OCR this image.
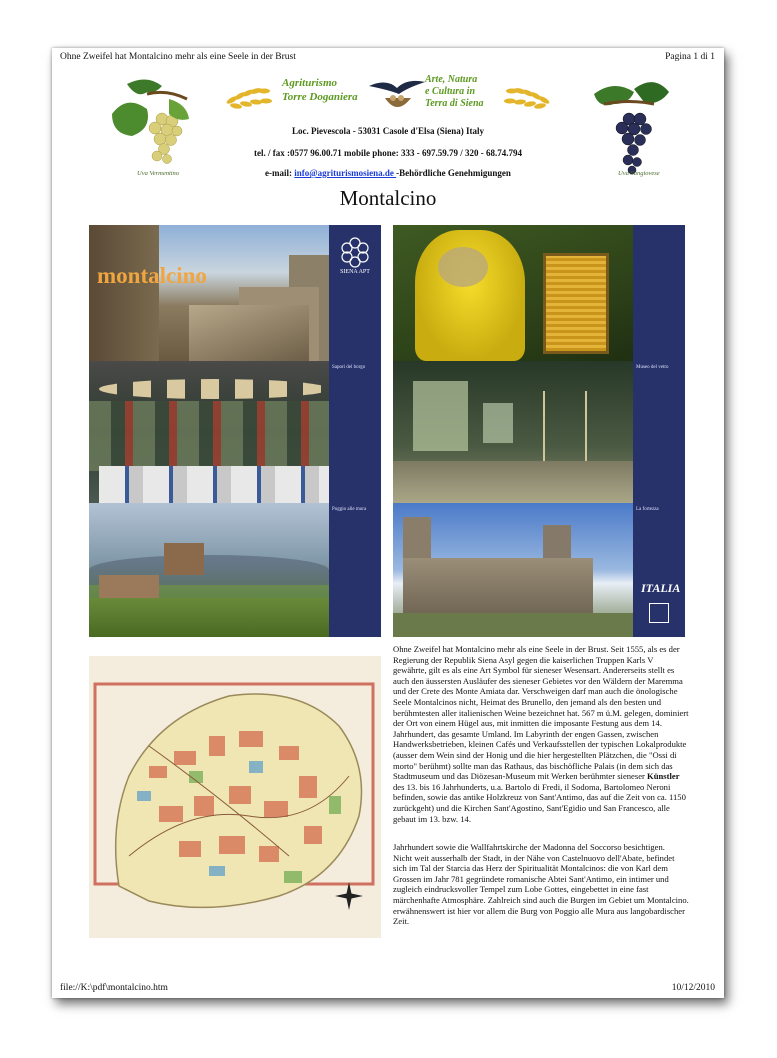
Ohne Zweifel hat Montalcino mehr als eine Seele in der Brust	Pagina 1 di 1
Uva Vermentino	Uva Sangiovese
Agriturismo
Torre Doganiera
Arte, Natura
e Cultura in
Terra di Siena
Loc. Pievescola - 53031 Casole d'Elsa (Siena) Italy
tel. / fax :0577 96.00.71 mobile phone: 333 - 697.59.79 / 320 - 68.74.794
e-mail: info@agriturismosiena.de -Behördliche Genehmigungen
Montalcino
montalcino	SIENA APT
Sapori del borgo	Museo del vetro
Poggio alle mura	La fortezza
ITALIA

Ohne Zweifel hat Montalcino mehr als eine Seele in der Brust. Seit 1555, als es der Regierung der Republik Siena Asyl gegen die kaiserlichen Truppen Karls V gewährte, gilt es als eine Art Symbol für sieneser Wesensart. Andererseits stellt es auch den äussersten Ausläufer des sieneser Gebietes vor den Wäldern der Maremma und der Crete des Monte Amiata dar. Verschweigen darf man auch die önologische Seele Montalcinos nicht, Heimat des Brunello, den jemand als den besten und berühmtesten aller italienischen Weine bezeichnet hat. 567 m ü.M. gelegen, dominiert der Ort von einem Hügel aus, mit inmitten die imposante Festung aus dem 14. Jahrhundert, das gesamte Umland. Im Labyrinth der engen Gassen, zwischen Handwerksbetrieben, kleinen Cafés und Verkaufsstellen der typischen Lokalprodukte (ausser dem Wein sind der Honig und die hier hergestellten Plätzchen, die "Ossi di morto" berühmt) sollte man das Rathaus, das bischöfliche Palais (in dem sich das Stadtmuseum und das Diözesan-Museum mit Werken berühmter sieneser Künstler des 13. bis 16 Jahrhunderts, u.a. Bartolo di Fredi, il Sodoma, Bartolomeo Neroni befinden, sowie das antike Holzkreuz von Sant'Antimo, das auf die Zeit von ca. 1150 zurückgeht) und die Kirchen Sant'Agostino, Sant'Egidio und San Francesco, alle gebaut im 13. bzw. 14.

Jahrhundert sowie die Wallfahrtskirche der Madonna del Soccorso besichtigen.

Nicht weit ausserhalb der Stadt, in der Nähe von Castelnuovo dell'Abate, befindet sich im Tal der Starcia das Herz der Spiritualität Montalcinos: die von Karl dem Grossen im Jahr 781 gegründete romanische Abtei Sant'Antimo, ein intimer und zugleich eindrucksvoller Tempel zum Lobe Gottes, eingebettet in eine fast

märchenhafte Atmosphäre. Zahlreich sind auch die Burgen im Gebiet um Montalcino. erwähnenswert ist hier vor allem die Burg von Poggio alle Mura aus langobardischer Zeit.

file://K:\pdf\montalcino.htm	10/12/2010
